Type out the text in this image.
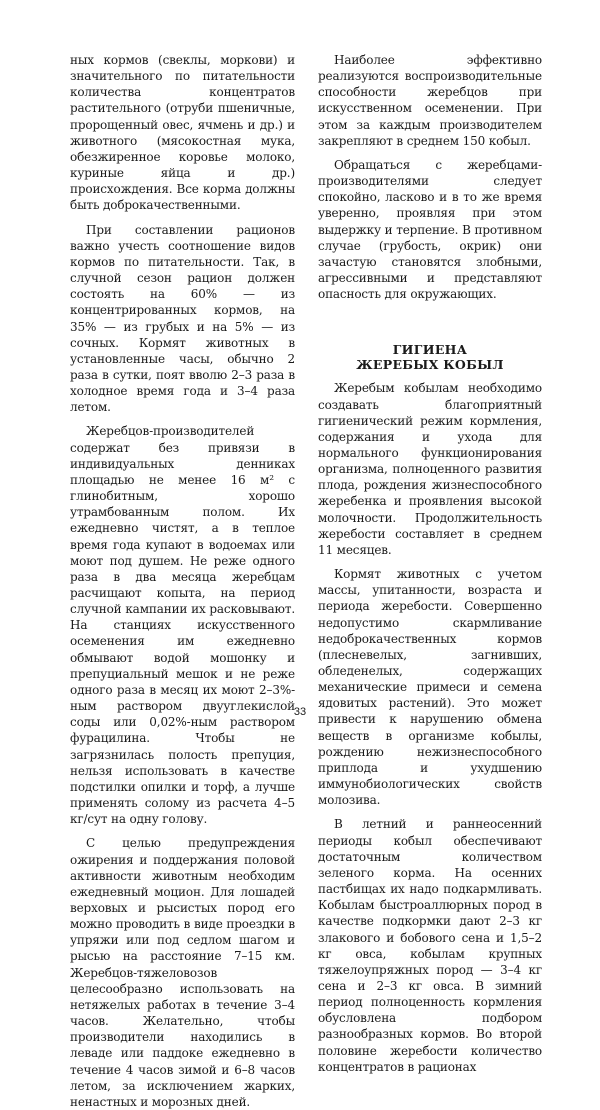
ных кормов (свеклы, моркови) и значительного по питательности количества концентратов растительного (отруби пшеничные, пророщенный овес, ячмень и др.) и животного (мясокостная мука, обезжиренное коровье молоко, куриные яйца и др.) происхождения. Все корма должны быть доброкачественными.

При составлении рационов важно учесть соотношение видов кормов по питательности. Так, в случной сезон рацион должен состоять на 60% — из концентрированных кормов, на 35% — из грубых и на 5% — из сочных. Кормят животных в установленные часы, обычно 2 раза в сутки, поят вволю 2–3 раза в холодное время года и 3–4 раза летом.

Жеребцов-производителей содержат без привязи в индивидуальных денниках площадью не менее 16 м² с глинобитным, хорошо утрамбованным полом. Их ежедневно чистят, а в теплое время года купают в водоемах или моют под душем. Не реже одного раза в два месяца жеребцам расчищают копыта, на период случной кампании их расковывают. На станциях искусственного осеменения им ежедневно обмывают водой мошонку и препуциальный мешок и не реже одного раза в месяц их моют 2–3%-ным раствором двууглекислой соды или 0,02%-ным раствором фурацилина. Чтобы не загрязнилась полость препуция, нельзя использовать в качестве подстилки опилки и торф, а лучше применять солому из расчета 4–5 кг/сут на одну голову.

С целью предупреждения ожирения и поддержания половой активности животным необходим ежедневный моцион. Для лошадей верховых и рысистых пород его можно проводить в виде проездки в упряжи или под седлом шагом и рысью на расстояние 7–15 км. Жеребцов-тяжеловозов целесообразно использовать на нетяжелых работах в течение 3–4 часов. Желательно, чтобы производители находились в леваде или паддоке ежедневно в течение 4 часов зимой и 6–8 часов летом, за исключением жарких, ненастных и морозных дней.

Наиболее эффективно реализуются воспроизводительные способности жеребцов при искусственном осеменении. При этом за каждым производителем закрепляют в среднем 150 кобыл.

Обращаться с жеребцами-производителями следует спокойно, ласково и в то же время уверенно, проявляя при этом выдержку и терпение. В противном случае (грубость, окрик) они зачастую становятся злобными, агрессивными и представляют опасность для окружающих.

ГИГИЕНА
ЖЕРЕБЫХ КОБЫЛ

Жеребым кобылам необходимо создавать благоприятный гигиенический режим кормления, содержания и ухода для нормального функционирования организма, полноценного развития плода, рождения жизнеспособного жеребенка и проявления высокой молочности. Продолжительность жеребости составляет в среднем 11 месяцев.

Кормят животных с учетом массы, упитанности, возраста и периода жеребости. Совершенно недопустимо скармливание недоброкачественных кормов (плесневелых, загнивших, обледенелых, содержащих механические примеси и семена ядовитых растений). Это может привести к нарушению обмена веществ в организме кобылы, рождению нежизнеспособного приплода и ухудшению иммунобиологических свойств молозива.

В летний и раннеосенний периоды кобыл обеспечивают достаточным количеством зеленого корма. На осенних пастбищах их надо подкармливать. Кобылам быстроаллюрных пород в качестве подкормки дают 2–3 кг злакового и бобового сена и 1,5–2 кг овса, кобылам крупных тяжелоупряжных пород — 3–4 кг сена и 2–3 кг овса. В зимний период полноценность кормления обусловлена подбором разнообразных кормов. Во второй половине жеребости количество концентратов в рационах

33
